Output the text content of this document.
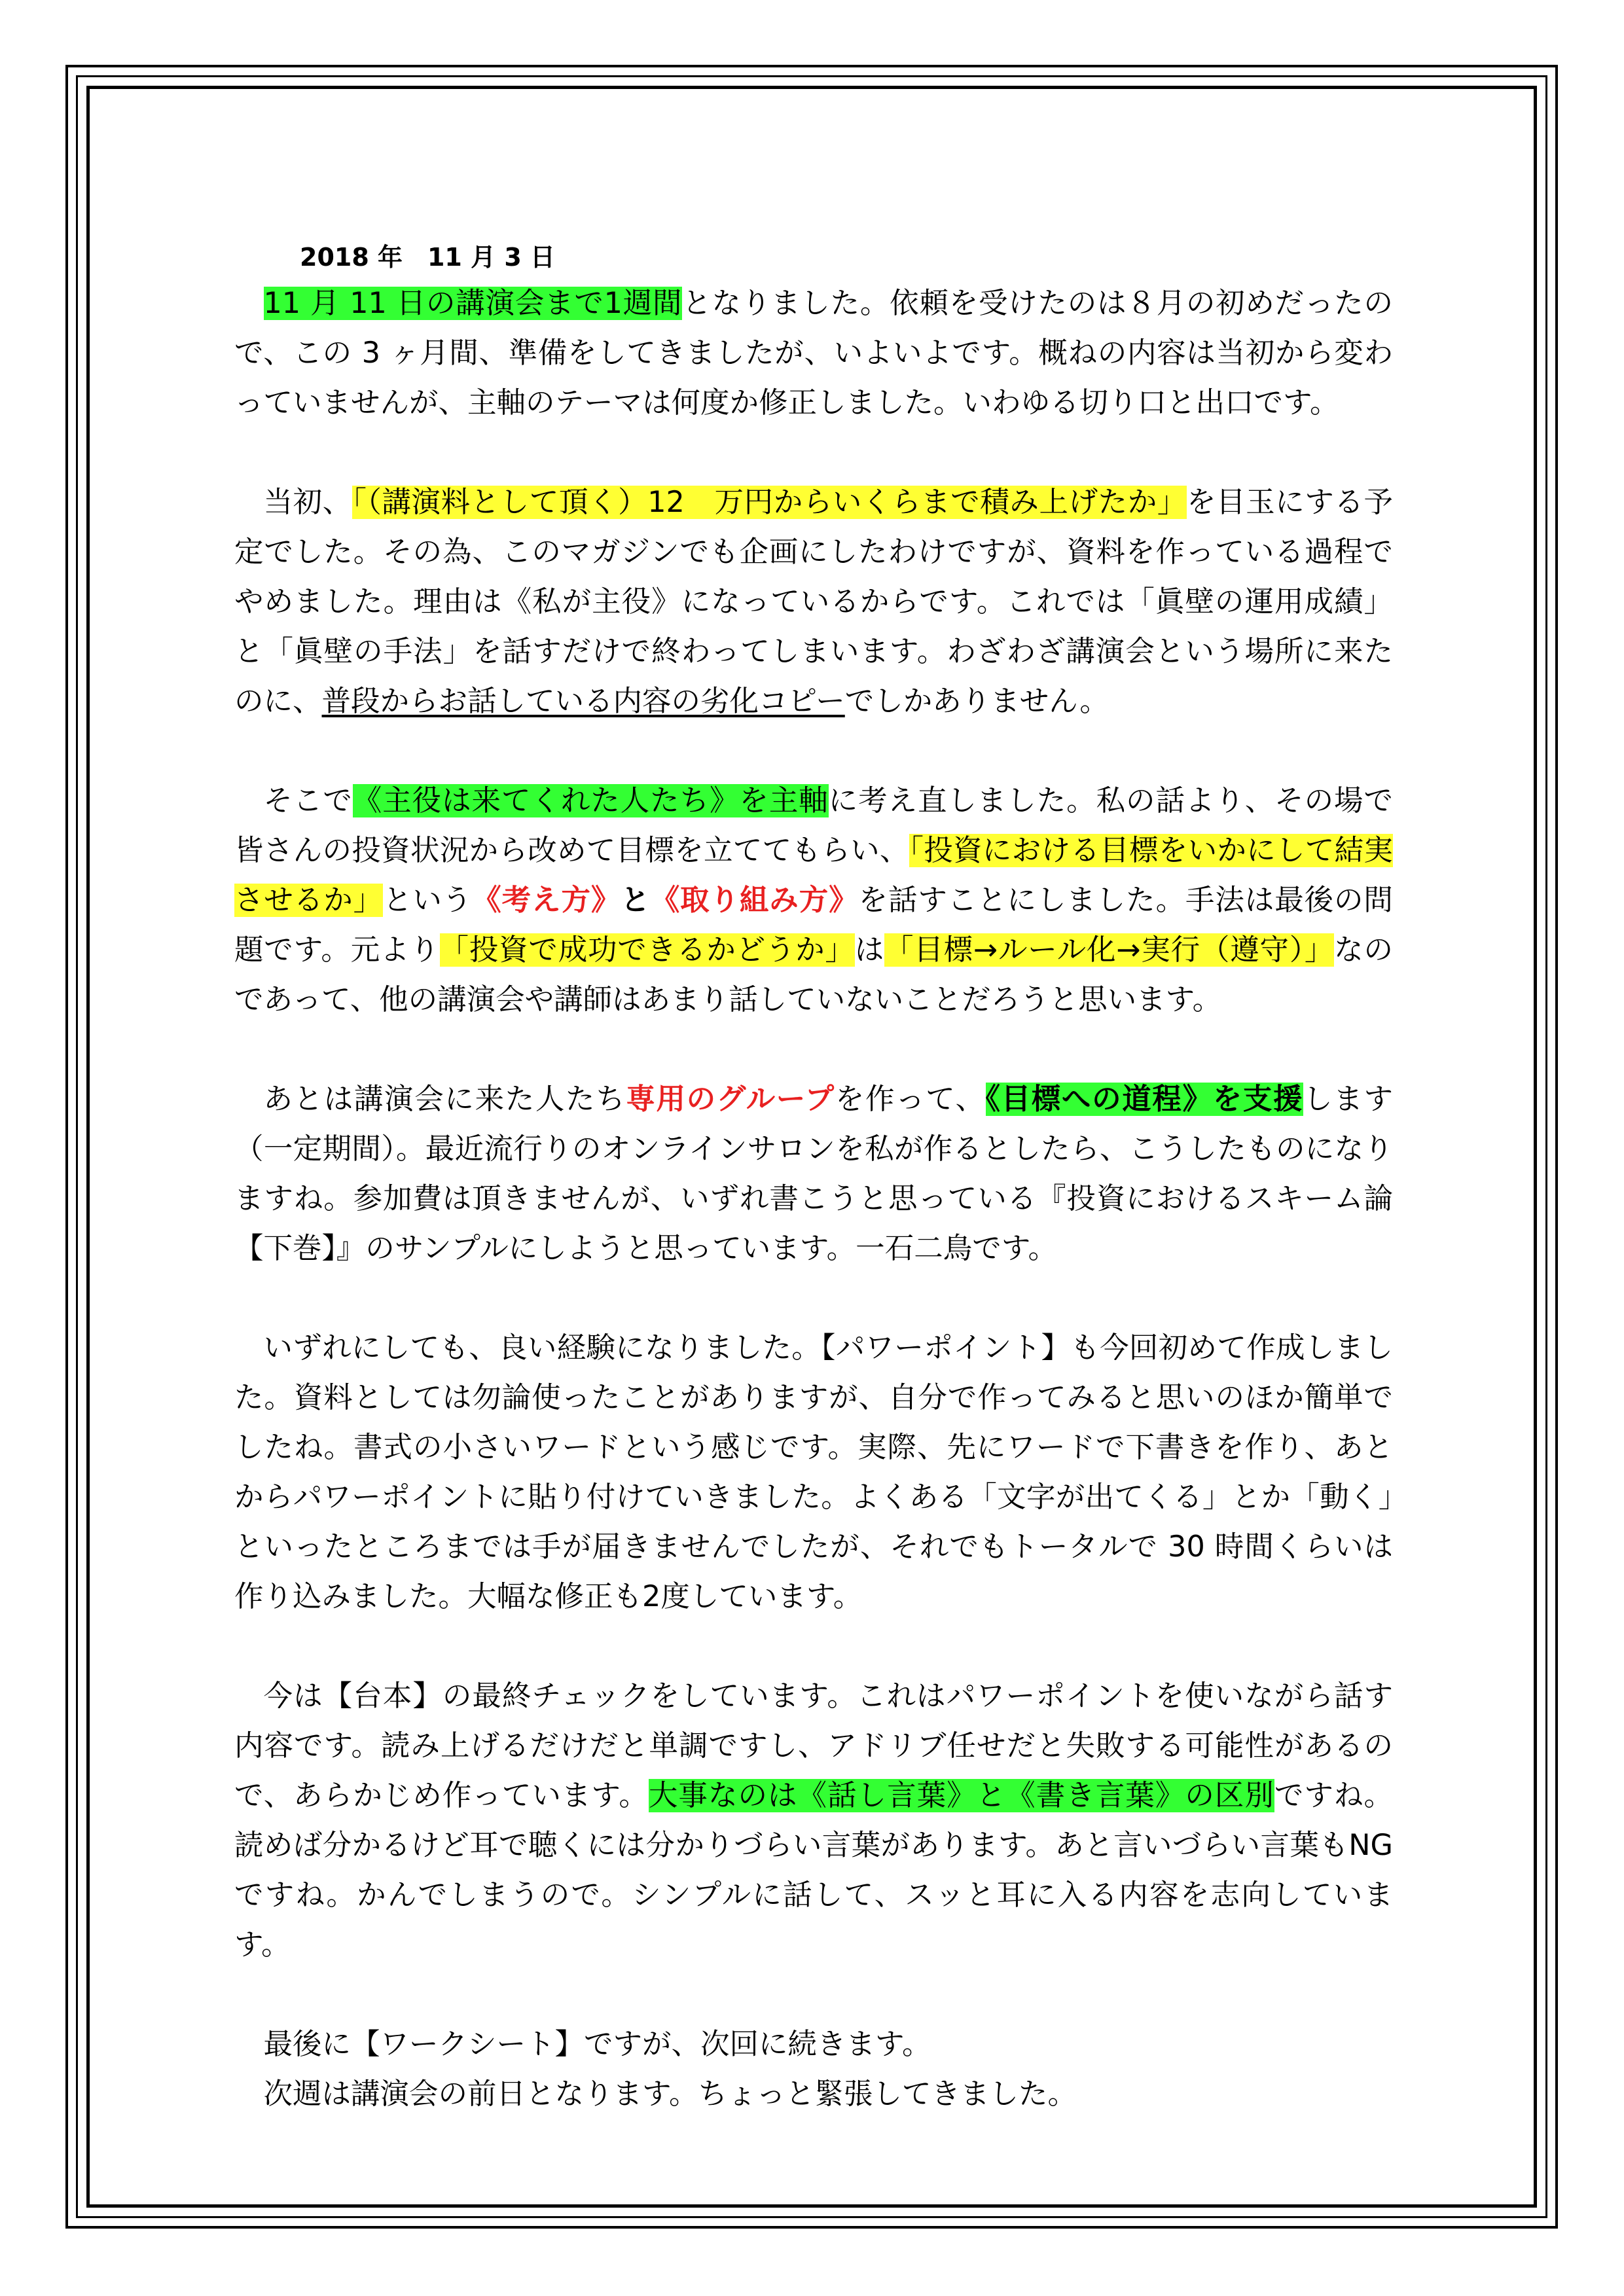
2018 年　11 月 3 日

11 月 11 日の講演会まで1週間となりました。依頼を受けたのは８月の初めだったので、この 3 ヶ月間、準備をしてきましたが、いよいよです。概ねの内容は当初から変わっていませんが、主軸のテーマは何度か修正しました。いわゆる切り口と出口です。

当初、「（講演料として頂く）12　万円からいくらまで積み上げたか」を目玉にする予定でした。その為、このマガジンでも企画にしたわけですが、資料を作っている過程でやめました。理由は《私が主役》になっているからです。これでは「眞壁の運用成績」と「眞壁の手法」を話すだけで終わってしまいます。わざわざ講演会という場所に来たのに、普段からお話している内容の劣化コピーでしかありません。

そこで《主役は来てくれた人たち》を主軸に考え直しました。私の話より、その場で皆さんの投資状況から改めて目標を立ててもらい、「投資における目標をいかにして結実させるか」という《考え方》と《取り組み方》を話すことにしました。手法は最後の問題です。元より「投資で成功できるかどうか」は「目標→ルール化→実行（遵守）」なのであって、他の講演会や講師はあまり話していないことだろうと思います。

あとは講演会に来た人たち専用のグループを作って、《目標への道程》を支援します（一定期間）。最近流行りのオンラインサロンを私が作るとしたら、こうしたものになりますね。参加費は頂きませんが、いずれ書こうと思っている『投資におけるスキーム論【下巻】』のサンプルにしようと思っています。一石二鳥です。

いずれにしても、良い経験になりました。【パワーポイント】も今回初めて作成しました。資料としては勿論使ったことがありますが、自分で作ってみると思いのほか簡単でしたね。書式の小さいワードという感じです。実際、先にワードで下書きを作り、あとからパワーポイントに貼り付けていきました。よくある「文字が出てくる」とか「動く」といったところまでは手が届きませんでしたが、それでもトータルで 30 時間くらいは作り込みました。大幅な修正も2度しています。

今は【台本】の最終チェックをしています。これはパワーポイントを使いながら話す内容です。読み上げるだけだと単調ですし、アドリブ任せだと失敗する可能性があるので、あらかじめ作っています。大事なのは《話し言葉》と《書き言葉》の区別ですね。読めば分かるけど耳で聴くには分かりづらい言葉があります。あと言いづらい言葉もNGですね。かんでしまうので。シンプルに話して、スッと耳に入る内容を志向しています。

最後に【ワークシート】ですが、次回に続きます。

次週は講演会の前日となります。ちょっと緊張してきました。
